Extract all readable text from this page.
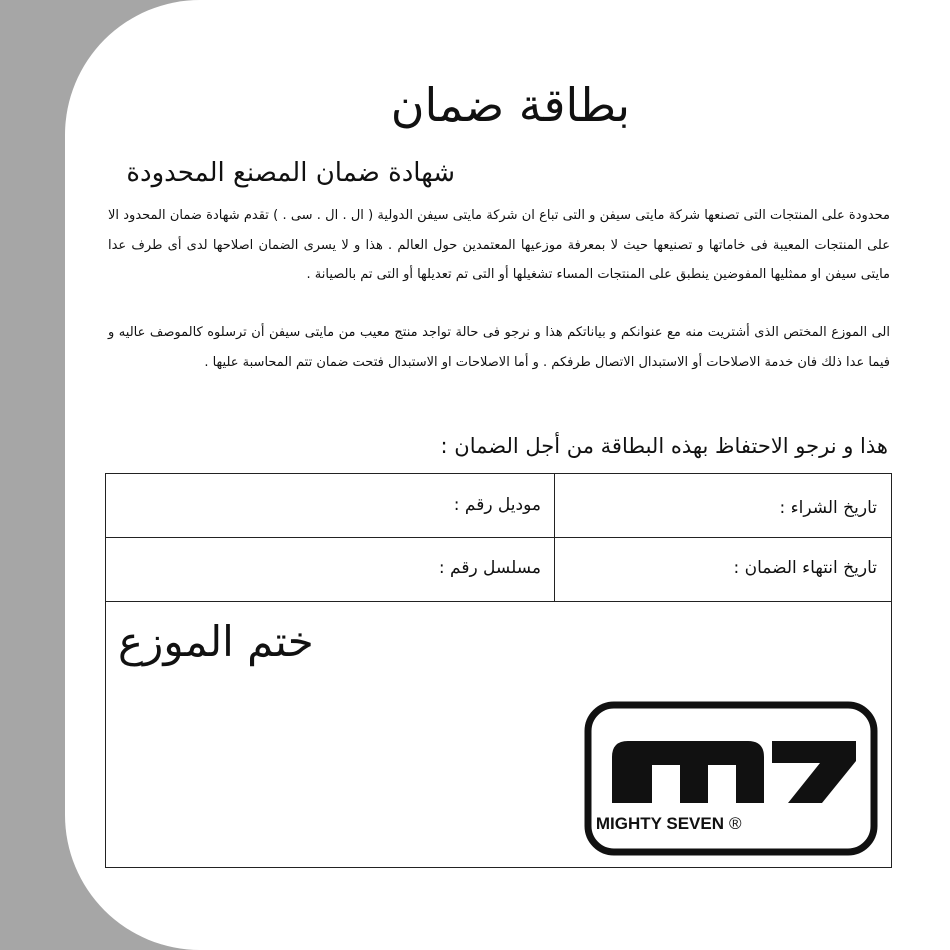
بطاقة ضمان
شهادة ضمان المصنع المحدودة

محدودة على المنتجات التى تصنعها شركة مايتى سيفن و التى تباع ان شركة مايتى سيفن الدولية ( ال . ال . سى . ) تقدم شهادة ضمان المحدود الا على المنتجات المعيبة فى خاماتها و تصنيعها حيث لا بمعرفة موزعيها المعتمدين حول العالم . هذا و لا يسرى الضمان اصلاحها لدى أى طرف عدا مايتى سيفن او ممثليها المفوضين ينطبق على المنتجات المساء تشغيلها أو التى تم تعديلها أو التى تم بالصيانة .

الى الموزع المختص الذى أشتريت منه مع عنوانكم و بياناتكم هذا و نرجو فى حالة تواجد منتج معيب من مايتى سيفن أن ترسلوه كالموصف عاليه و فيما عدا ذلك فان خدمة الاصلاحات أو الاستبدال الاتصال طرفكم . و أما الاصلاحات او الاستبدال فتحت ضمان تتم المحاسبة عليها .

هذا و نرجو الاحتفاظ بهذه البطاقة من أجل الضمان :
تاريخ الشراء :
موديل رقم :
تاريخ انتهاء الضمان :
مسلسل رقم :
ختم الموزع
MIGHTY SEVEN ®
